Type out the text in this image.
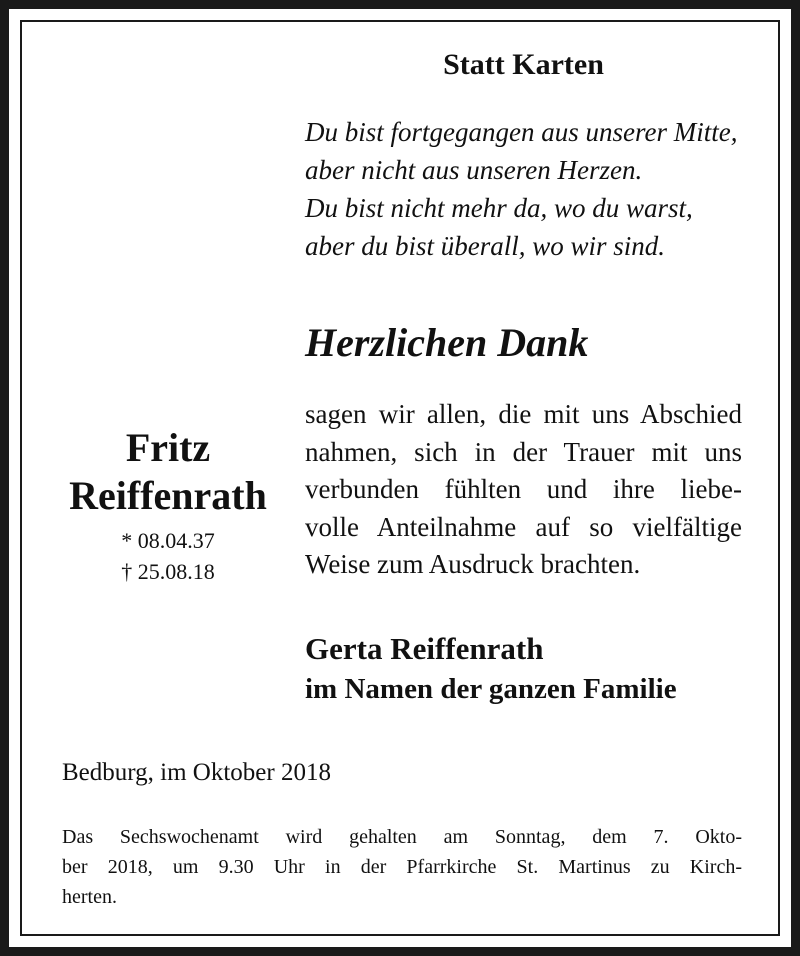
Statt Karten
Du bist fortgegangen aus unserer Mitte,
aber nicht aus unseren Herzen.
Du bist nicht mehr da, wo du warst,
aber du bist überall, wo wir sind.
Herzlichen Dank
sagen wir allen, die mit uns Abschied
nahmen, sich in der Trauer mit uns
verbunden fühlten und ihre liebe-
volle Anteilnahme auf so vielfältige
Weise zum Ausdruck brachten.
Fritz
Reiffenrath
* 08.04.37
† 25.08.18
Gerta Reiffenrath
im Namen der ganzen Familie
Bedburg, im Oktober 2018
Das Sechswochenamt wird gehalten am Sonntag, dem 7. Okto-
ber 2018, um 9.30 Uhr in der Pfarrkirche St. Martinus zu Kirch-
herten.
